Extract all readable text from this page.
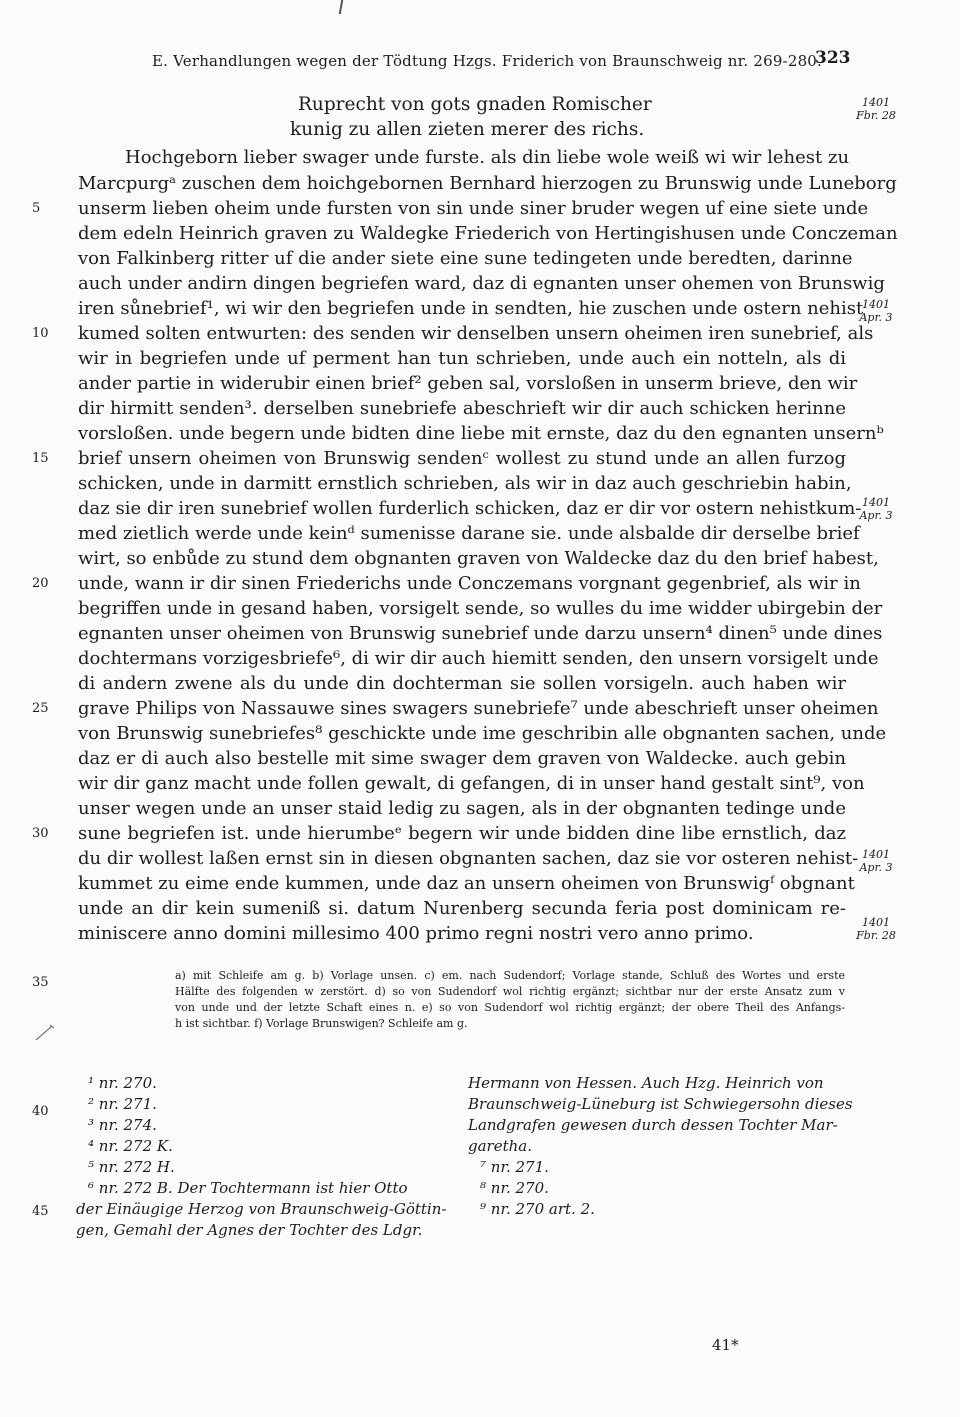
E. Verhandlungen wegen der Tödtung Hzgs. Friderich von Braunschweig nr. 269-280.
323
Ruprecht von gots gnaden Romischer
kunig zu allen zieten merer des richs.
Hochgeborn lieber swager unde furste. als din liebe wole weiß wi wir lehest zu
Marcpurgᵃ zuschen dem hoichgebornen Bernhard hierzogen zu Brunswig unde Luneborg
unserm lieben oheim unde fursten von sin unde siner bruder wegen uf eine siete unde
dem edeln Heinrich graven zu Waldegke Friederich von Hertingishusen unde Conczeman
von Falkinberg ritter uf die ander siete eine sune tedingeten unde beredten, darinne
auch under andirn dingen begriefen ward, daz di egnanten unser ohemen von Brunswig
iren sůnebrief¹, wi wir den begriefen unde in sendten, hie zuschen unde ostern nehist
kumed solten entwurten: des senden wir denselben unsern oheimen iren sunebrief, als
wir in begriefen unde uf perment han tun schrieben, unde auch ein notteln, als di
ander partie in widerubir einen brief² geben sal, vorsloßen in unserm brieve, den wir
dir hirmitt senden³. derselben sunebriefe abeschrieft wir dir auch schicken herinne
vorsloßen. unde begern unde bidten dine liebe mit ernste, daz du den egnanten unsernᵇ
brief unsern oheimen von Brunswig sendenᶜ wollest zu stund unde an allen furzog
schicken, unde in darmitt ernstlich schrieben, als wir in daz auch geschriebin habin,
daz sie dir iren sunebrief wollen furderlich schicken, daz er dir vor ostern nehistkum-
med zietlich werde unde keinᵈ sumenisse darane sie. unde alsbalde dir derselbe brief
wirt, so enbůde zu stund dem obgnanten graven von Waldecke daz du den brief habest,
unde, wann ir dir sinen Friederichs unde Conczemans vorgnant gegenbrief, als wir in
begriffen unde in gesand haben, vorsigelt sende, so wulles du ime widder ubirgebin der
egnanten unser oheimen von Brunswig sunebrief unde darzu unsern⁴ dinen⁵ unde dines
dochtermans vorzigesbriefe⁶, di wir dir auch hiemitt senden, den unsern vorsigelt unde
di andern zwene als du unde din dochterman sie sollen vorsigeln. auch haben wir
grave Philips von Nassauwe sines swagers sunebriefe⁷ unde abeschrieft unser oheimen
von Brunswig sunebriefes⁸ geschickte unde ime geschribin alle obgnanten sachen, unde
daz er di auch also bestelle mit sime swager dem graven von Waldecke. auch gebin
wir dir ganz macht unde follen gewalt, di gefangen, di in unser hand gestalt sint⁹, von
unser wegen unde an unser staid ledig zu sagen, als in der obgnanten tedinge unde
sune begriefen ist. unde hierumbeᵉ begern wir unde bidden dine libe ernstlich, daz
du dir wollest laßen ernst sin in diesen obgnanten sachen, daz sie vor osteren nehist-
kummet zu eime ende kummen, unde daz an unsern oheimen von Brunswigᶠ obgnant
unde an dir kein sumeniß si. datum Nurenberg secunda feria post dominicam re-
miniscere anno domini millesimo 400 primo regni nostri vero anno primo.
5
10
15
20
25
30
35
40
45
1401
Fbr. 28
1401
Apr. 3
1401
Apr. 3
1401
Apr. 3
1401
Fbr. 28
a) mit Schleife am g. b) Vorlage unsen. c) em. nach Sudendorf; Vorlage stande, Schluß des Wortes und erste
Hälfte des folgenden w zerstört. d) so von Sudendorf wol richtig ergänzt; sichtbar nur der erste Ansatz zum v
von unde und der letzte Schaft eines n. e) so von Sudendorf wol richtig ergänzt; der obere Theil des Anfangs-
h ist sichtbar. f) Vorlage Brunswigen? Schleife am g.
¹ nr. 270.
² nr. 271.
³ nr. 274.
⁴ nr. 272 K.
⁵ nr. 272 H.
⁶ nr. 272 B. Der Tochtermann ist hier Otto
der Einäugige Herzog von Braunschweig-Göttin-
gen, Gemahl der Agnes der Tochter des Ldgr.
Hermann von Hessen. Auch Hzg. Heinrich von
Braunschweig-Lüneburg ist Schwiegersohn dieses
Landgrafen gewesen durch dessen Tochter Mar-
garetha.
⁷ nr. 271.
⁸ nr. 270.
⁹ nr. 270 art. 2.
41*
